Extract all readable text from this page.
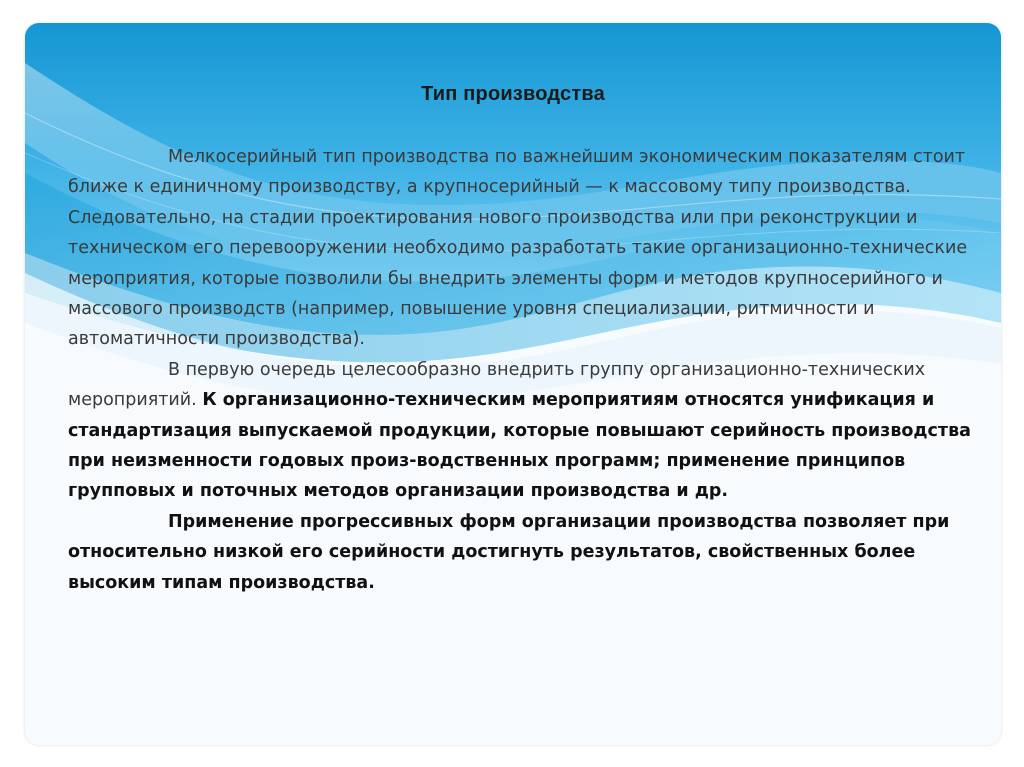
Тип производства

Мелкосерийный тип производства по важнейшим экономическим показателям стоит ближе к единичному производству, а крупносерийный — к массовому типу производства. Следовательно, на стадии проектирования нового производства или при реконструкции и техническом его перевооружении необходимо разработать такие организационно-технические мероприятия, которые позволили бы внедрить элементы форм и методов крупносерийного и массового производств (например, повышение уровня специализации, ритмичности и автоматичности производства).

В первую очередь целесообразно внедрить группу организационно-технических мероприятий. К организационно-техническим мероприятиям относятся унификация и стандартизация выпускаемой продукции, которые повышают серийность производства при неизменности годовых произ-водственных программ; применение принципов групповых и поточных методов организации производства и др.

Применение прогрессивных форм организации производства позволяет при относительно низкой его серийности достигнуть результатов, свойственных более высоким типам производства.
